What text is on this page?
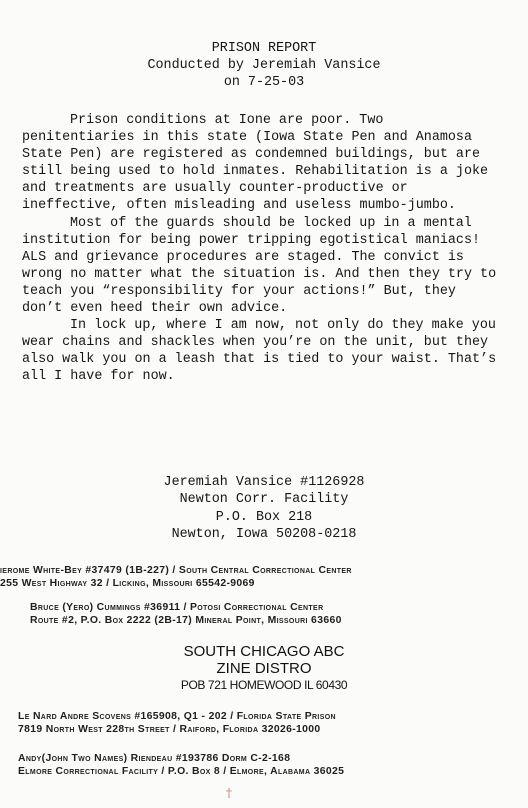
PRISON REPORT
Conducted by Jeremiah Vansice
on 7-25-03

Prison conditions at Ione are poor. Two penitentiaries in this state (Iowa State Pen and Anamosa State Pen) are registered as condemned buildings, but are still being used to hold inmates. Rehabilitation is a joke and treatments are usually counter-productive or ineffective, often misleading and useless mumbo-jumbo.

Most of the guards should be locked up in a mental institution for being power tripping egotistical maniacs! ALS and grievance procedures are staged. The convict is wrong no matter what the situation is. And then they try to teach you “responsibility for your actions!” But, they don’t even heed their own advice.

In lock up, where I am now, not only do they make you wear chains and shackles when you’re on the unit, but they also walk you on a leash that is tied to your waist. That’s all I have for now.

Jeremiah Vansice #1126928
Newton Corr. Facility
P.O. Box 218
Newton, Iowa 50208-0218
ierome White-Bey #37479 (1B-227) / South Central Correctional Center
255 West Highway 32 / Licking, Missouri 65542-9069
Bruce (Yero) Cummings #36911 / Potosi Correctional Center
Route #2, P.O. Box 2222 (2B-17) Mineral Point, Missouri 63660
SOUTH CHICAGO ABC
ZINE DISTRO
POB 721 HOMEWOOD IL 60430
Le Nard Andre Scovens #165908, Q1 - 202 / Florida State Prison
7819 North West 228th Street / Raiford, Florida 32026-1000
Andy(John Two Names) Riendeau #193786 Dorm C-2-168
Elmore Correctional Facility / P.O. Box 8 / Elmore, Alabama 36025
†
